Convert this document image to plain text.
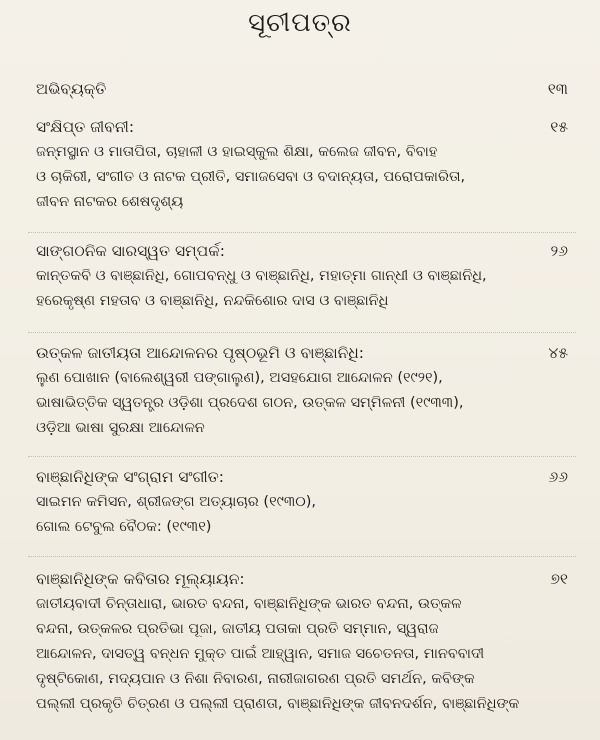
ସୂଚୀପତ୍ର
ଅଭିବ୍ୟକ୍ତି	୧୩
ସଂକ୍ଷିପ୍ତ ଜୀବନୀ:	୧୫
ଜନ୍ମସ୍ଥାନ ଓ ମାତାପିତା, ଚାହାଳୀ ଓ ହାଇସ୍କୁଲ ଶିକ୍ଷା, କଲେଜ ଜୀବନ, ବିବାହ
ଓ ଚାକିରୀ, ସଂଗୀତ ଓ ନାଟକ ପ୍ରୀତି, ସମାଜସେବା ଓ ବଦାନ୍ୟତା, ପରୋପକାରିତା,
ଜୀବନ ନାଟକର ଶେଷଦୃଶ୍ୟ
ସାଙ୍ଗଠନିକ ସାରସ୍ୱତ ସମ୍ପର୍କ:	୨୬
କାନ୍ତକବି ଓ ବାଞ୍ଛାନିଧି, ଗୋପବନ୍ଧୁ ଓ ବାଞ୍ଛାନିଧି, ମହାତ୍ମା ଗାନ୍ଧୀ ଓ ବାଞ୍ଛାନିଧି,
ହରେକୃଷ୍ଣ ମହତାବ ଓ ବାଞ୍ଛାନିଧି, ନନ୍ଦକିଶୋର ଦାସ ଓ ବାଞ୍ଛାନିଧି
ଉତ୍କଳ ଜାତୀୟତା ଆନ୍ଦୋଳନର ପୃଷ୍ଠଭୂମି ଓ ବାଞ୍ଛାନିଧି:	୪୫
ଲୁଣ ପୋଖାନ (ବାଲେଶ୍ୱରୀ ପଙ୍ଗାଲୁଣ), ଅସହଯୋଗ ଆନ୍ଦୋଳନ (୧୯୨୧),
ଭାଷାଭିତ୍ତିକ ସ୍ୱତନ୍ତ୍ର ଓଡ଼ିଶା ପ୍ରଦେଶ ଗଠନ, ଉତ୍କଳ ସମ୍ମିଳନୀ (୧୯୩୩),
ଓଡ଼ିଆ ଭାଷା ସୁରକ୍ଷା ଆନ୍ଦୋଳନ
ବାଞ୍ଛାନିଧିଙ୍କ ସଂଗ୍ରାମ ସଂଗୀତ:	୬୬
ସାଇମନ କମିସନ, ଶ୍ରୀଜଙ୍ଗ ଅତ୍ୟାଚାର (୧୯୩୦),
ଗୋଲ ଟେବୁଲ ବୈଠକ: (୧୯୩୧)
ବାଞ୍ଛାନିଧିଙ୍କ କବିତାର ମୂଲ୍ୟାୟନ:	୭୧
ଜାତୀୟବାଦୀ ଚିନ୍ତାଧାରା, ଭାରତ ବନ୍ଦନା, ବାଞ୍ଛାନିଧିଙ୍କ ଭାରତ ବନ୍ଦନା, ଉତ୍କଳ
ବନ୍ଦନା, ଉତ୍କଳର ପ୍ରତିଭା ପୂଜା, ଜାତୀୟ ପତାକା ପ୍ରତି ସମ୍ମାନ, ସ୍ୱରାଜ
ଆନ୍ଦୋଳନ, ଦାସତ୍ୱ ବନ୍ଧନ ମୁକ୍ତ ପାଇଁ ଆହ୍ୱାନ, ସମାଜ ସଚେତନତା, ମାନବବାଦୀ
ଦୃଷ୍ଟିକୋଣ, ମଦ୍ୟପାନ ଓ ନିଶା ନିବାରଣ, ନାରୀଜାଗରଣ ପ୍ରତି ସମର୍ଥନ, କବିଙ୍କ
ପଲ୍ଲୀ ପ୍ରକୃତି ଚିତ୍ରଣ ଓ ପଲ୍ଲୀ ପ୍ରାଣତା, ବାଞ୍ଛାନିଧିଙ୍କ ଜୀବନଦର୍ଶନ, ବାଞ୍ଛାନିଧିଙ୍କ
